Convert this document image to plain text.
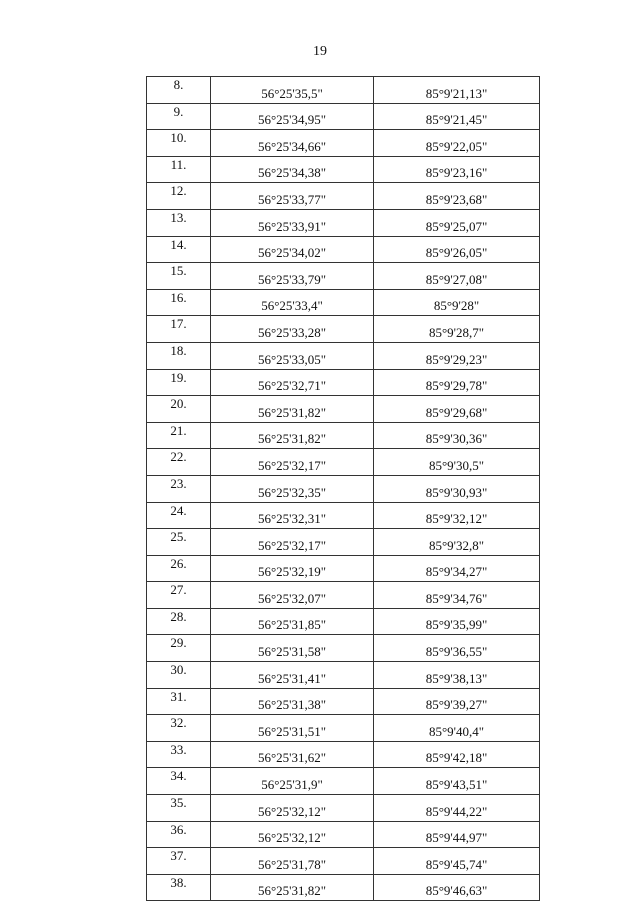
19
8.	56°25'35,5"	85°9'21,13"
9.	56°25'34,95"	85°9'21,45"
10.	56°25'34,66"	85°9'22,05"
11.	56°25'34,38"	85°9'23,16"
12.	56°25'33,77"	85°9'23,68"
13.	56°25'33,91"	85°9'25,07"
14.	56°25'34,02"	85°9'26,05"
15.	56°25'33,79"	85°9'27,08"
16.	56°25'33,4"	85°9'28"
17.	56°25'33,28"	85°9'28,7"
18.	56°25'33,05"	85°9'29,23"
19.	56°25'32,71"	85°9'29,78"
20.	56°25'31,82"	85°9'29,68"
21.	56°25'31,82"	85°9'30,36"
22.	56°25'32,17"	85°9'30,5"
23.	56°25'32,35"	85°9'30,93"
24.	56°25'32,31"	85°9'32,12"
25.	56°25'32,17"	85°9'32,8"
26.	56°25'32,19"	85°9'34,27"
27.	56°25'32,07"	85°9'34,76"
28.	56°25'31,85"	85°9'35,99"
29.	56°25'31,58"	85°9'36,55"
30.	56°25'31,41"	85°9'38,13"
31.	56°25'31,38"	85°9'39,27"
32.	56°25'31,51"	85°9'40,4"
33.	56°25'31,62"	85°9'42,18"
34.	56°25'31,9"	85°9'43,51"
35.	56°25'32,12"	85°9'44,22"
36.	56°25'32,12"	85°9'44,97"
37.	56°25'31,78"	85°9'45,74"
38.	56°25'31,82"	85°9'46,63"
